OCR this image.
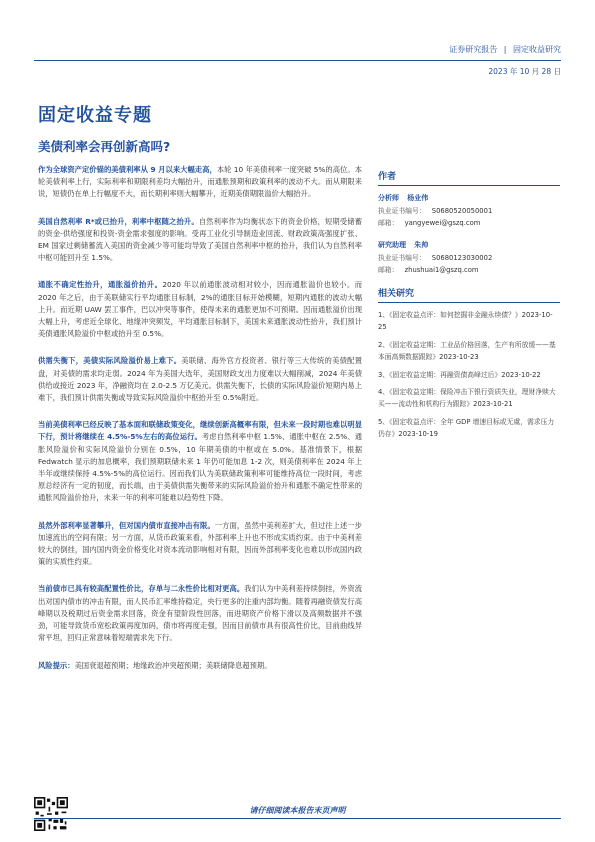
证券研究报告 | 固定收益研究
2023 年 10 月 28 日
固定收益专题
美债利率会再创新高吗?

作为全球资产定价锚的美债利率从 9 月以来大幅走高，本轮 10 年美债利率一度突破 5%的高位。本轮美债利率上行，实际利率和期限利差均大幅抬升，而通胀预期和政策利率的波动不大。而从期限来说，短债仍在单上行幅度不大，而长期利率则大幅攀升，近期美债期限溢价大幅抬升。

美国自然利率 R*或已抬升，利率中枢随之抬升。自然利率作为均衡状态下的资金价格，短期受储蓄的资金-供给强度和投资-资金需求强度的影响。受再工业化引导制造业回流、财政政策高强度扩张、EM 国家过剩储蓄流入美国的资金减少等可能均导致了美国自然利率中枢的抬升，我们认为自然利率中枢可能回升至 1.5%。

通胀不确定性抬升，通胀溢价抬升。2020 年以前通胀波动相对较小，因而通胀溢价也较小。而 2020 年之后，由于美联储实行平均通胀目标制，2%的通胀目标开始模糊，短期内通胀的波动大幅上升。而近期 UAW 罢工事件，巴以冲突等事件，使得未来的通胀更加不可预期。因而通胀溢价出现大幅上升，考虑近全球化、地缘冲突频发，平均通胀目标制下，美国未来通胀波动性抬升，我们预计美债通胀风险溢价中枢或抬升至 0.5%。

供需失衡下，美债实际风险溢价易上难下。美联储、海外官方投资者、银行等三大传统的美债配置盘，对美债的需求均走弱。2024 年为美国大选年，美国财政支出力度难以大幅削减，2024 年美债供给或接近 2023 年，净融资均在 2.0-2.5 万亿美元。供需失衡下，长债的实际风险溢价短期内易上难下，我们预计供需失衡或导致实际风险溢价中枢抬升至 0.5%附近。

当前美债利率已经反映了基本面和联储政策变化，继续创新高概率有限，但未来一段时期也难以明显下行，预计将继续在 4.5%-5%左右的高位运行。考虑自然利率中枢 1.5%、通胀中枢在 2.5%、通胀风险溢价和实际风险溢价分别在 0.5%，10 年期美债的中枢或在 5.0%。基准情景下，根据 Fedwatch 显示的加息概率，我们预期联储未来 1 年仍可能加息 1-2 次，则美债利率在 2024 年上半年或继续保持 4.5%-5%的高位运行。因而我们认为美联储政策利率可能维持高位一段时间，考虑原总经济有一定的韧度，而长端，由于美债供需失衡带来的实际风险溢价抬升和通胀不确定性带来的通胀风险溢价抬升，未来一年的利率可能难以趋势性下降。

虽然外部利率显著攀升，但对国内债市直接冲击有限。一方面，虽然中美利差扩大，但过往上述一步加速流出的空间有限；另一方面，从货币政策来看，外部利率上升也不形成实质约束。由于中美利差较大的倒挂，国内国内资金价格变化对资本流动影响相对有限，因而外部利率变化也难以形成国内政策的实质性约束。

当前债市已具有较高配置性价比，存单与二永性价比相对更高。我们认为中美利差持续倒挂，外资流出对国内债市的冲击有限，而人民币汇率维持稳定，央行更多的注重内部均衡。随着再融资债发行高峰期以及税期过后资金需求回落，资金有望阶段性回落，而进期资产价格下滑以及高频数据并不强劲，可能导致货币宽松政策再度加码，债市将再度走强，因而目前债市具有很高性价比，目前曲线异常平坦，回归正常意味着短端需求先下行。

风险提示：美国衰退超预期；地缘政治冲突超预期；美联储降息超预期。

作者
分析师 杨业伟
执业证书编号： S0680520050001
邮箱： yangyewei@gszq.com
研究助理 朱帅
执业证书编号： S0680123030002
邮箱： zhushuai1@gszq.com
相关研究
1、《固定收益点评：如何挖掘非金融永续债？》2023-10-25
2、《固定收益定期：工业品价格回落，生产有所放缓——基本面高频数据跟踪》2023-10-23
3、《固定收益定期：再融资债高峰过后》2023-10-22
4、《固定收益定期：保险冲击下银行资质失业，理财净赎大买——流动性和机构行为跟踪》2023-10-21
5、《固定收益点评：全年 GDP 增速目标或无虞，需求压力仍存》2023-10-19
请仔细阅读本报告末页声明
